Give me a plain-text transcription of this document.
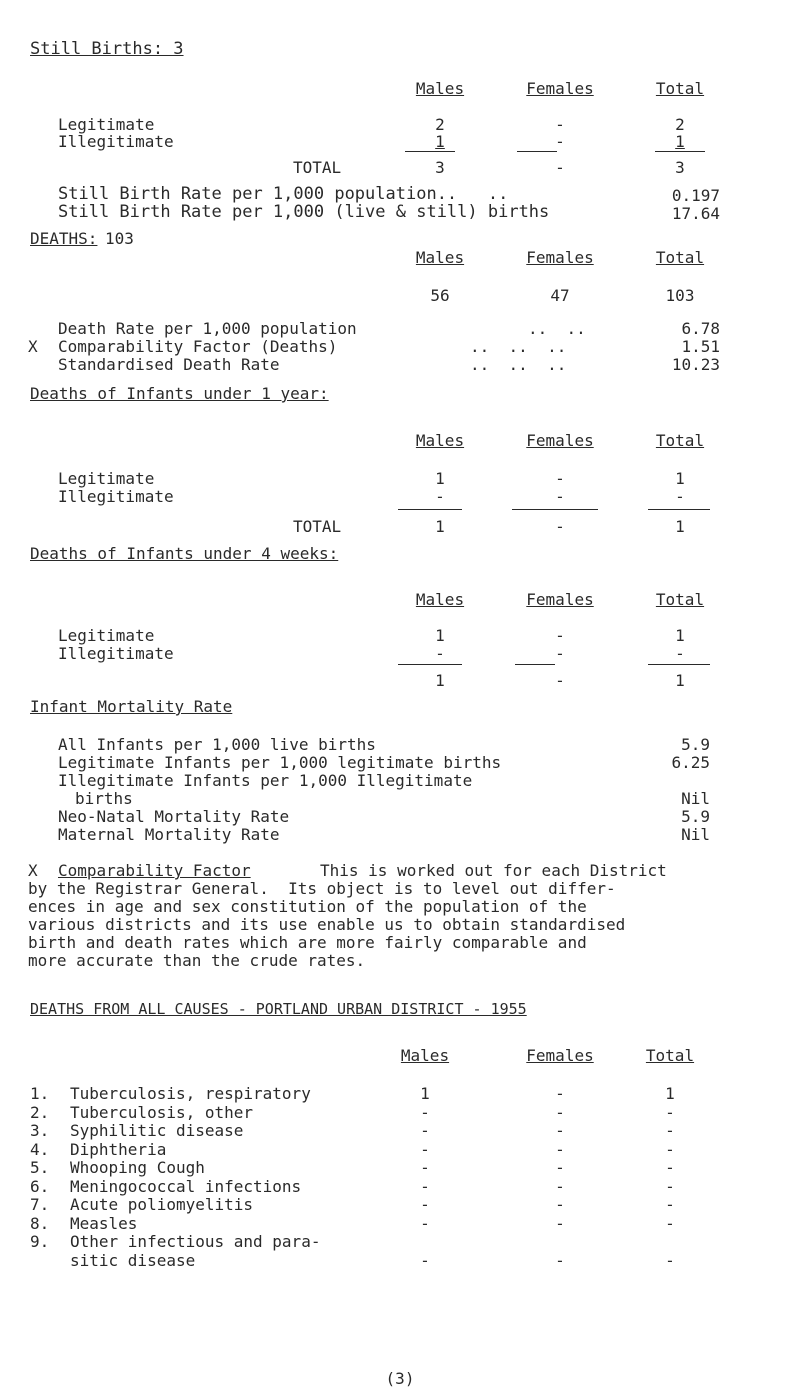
Still Births: 3
Males	Females	Total
Legitimate	2	-	2
Illegitimate	1	-	1
TOTAL	3	-	3
Still Birth Rate per 1,000 population..   ..	0.197
Still Birth Rate per 1,000 (live & still) births	17.64
DEATHS: 103
Males	Females	Total
56	47	103
Death Rate per 1,000 population	..  ..	6.78
X Comparability Factor (Deaths)	..  ..  ..	1.51
Standardised Death Rate	..  ..  ..	10.23
Deaths of Infants under 1 year:
Males	Females	Total
Legitimate	1	-	1
Illegitimate	-	-	-
TOTAL	1	-	1
Deaths of Infants under 4 weeks:
Males	Females	Total
Legitimate	1	-	1
Illegitimate	-	-	-
1	-	1
Infant Mortality Rate
All Infants per 1,000 live births	5.9
Legitimate Infants per 1,000 legitimate births	6.25
Illegitimate Infants per 1,000 Illegitimate
births	Nil
Neo-Natal Mortality Rate	5.9
Maternal Mortality Rate	Nil
X Comparability Factor	This is worked out for each District
by the Registrar General.  Its object is to level out differ-
ences in age and sex constitution of the population of the
various districts and its use enable us to obtain standardised
birth and death rates which are more fairly comparable and
more accurate than the crude rates.
DEATHS FROM ALL CAUSES - PORTLAND URBAN DISTRICT - 1955
Males	Females	Total
1. Tuberculosis, respiratory	1	-	1
2. Tuberculosis, other	-	-	-
3. Syphilitic disease	-	-	-
4. Diphtheria	-	-	-
5. Whooping Cough	-	-	-
6. Meningococcal infections	-	-	-
7. Acute poliomyelitis	-	-	-
8. Measles	-	-	-
9. Other infectious and para-
sitic disease	-	-	-
(3)
